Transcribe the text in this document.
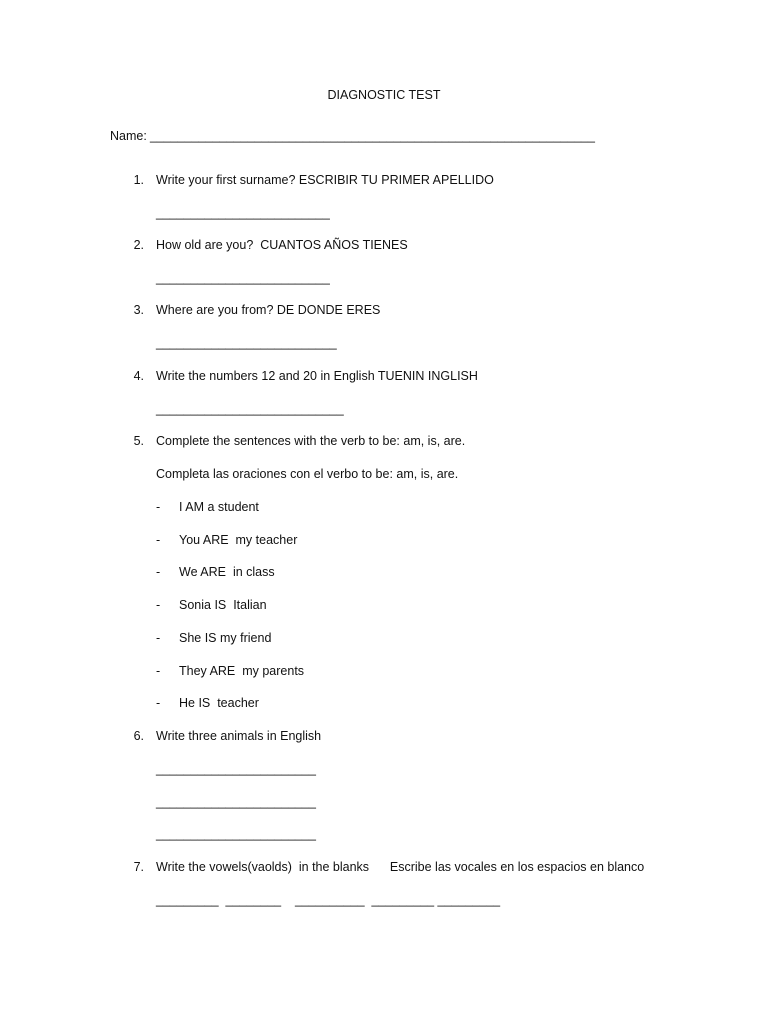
DIAGNOSTIC TEST
Name: ________________________________________________________________
1. Write your first surname? ESCRIBIR TU PRIMER APELLIDO
_________________________
2. How old are you?  CUANTOS AÑOS TIENES
_________________________
3. Where are you from? DE DONDE ERES
__________________________
4. Write the numbers 12 and 20 in English TUENIN INGLISH
___________________________
5. Complete the sentences with the verb to be: am, is, are.
Completa las oraciones con el verbo to be: am, is, are.
- I AM a student
- You ARE  my teacher
- We ARE  in class
- Sonia IS  Italian
- She IS my friend
- They ARE  my parents
- He IS  teacher
6. Write three animals in English
_______________________
_______________________
_______________________
7. Write the vowels(vaolds)  in the blanks      Escribe las vocales en los espacios en blanco
_________  ________    __________  _________ _________
